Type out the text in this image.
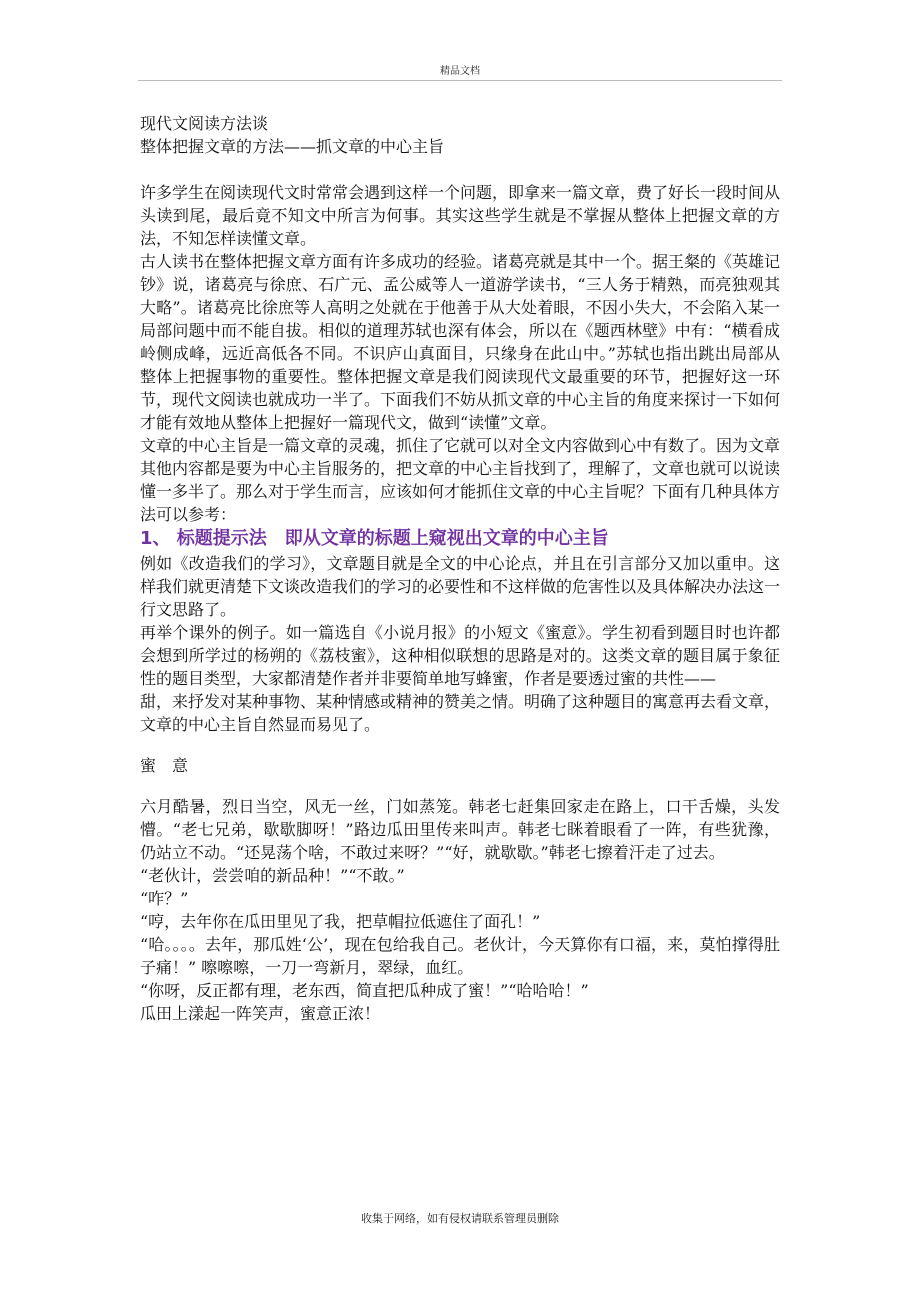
精品文档

现代文阅读方法谈

整体把握文章的方法——抓文章的中心主旨

许多学生在阅读现代文时常常会遇到这样一个问题，即拿来一篇文章，费了好长一段时间从头读到尾，最后竟不知文中所言为何事。其实这些学生就是不掌握从整体上把握文章的方法，不知怎样读懂文章。

古人读书在整体把握文章方面有许多成功的经验。诸葛亮就是其中一个。据王粲的《英雄记钞》说，诸葛亮与徐庶、石广元、孟公威等人一道游学读书，“三人务于精熟，而亮独观其大略”。诸葛亮比徐庶等人高明之处就在于他善于从大处着眼，不因小失大，不会陷入某一局部问题中而不能自拔。相似的道理苏轼也深有体会，所以在《题西林壁》中有：“横看成岭侧成峰，远近高低各不同。不识庐山真面目，只缘身在此山中。”苏轼也指出跳出局部从整体上把握事物的重要性。整体把握文章是我们阅读现代文最重要的环节，把握好这一环节，现代文阅读也就成功一半了。下面我们不妨从抓文章的中心主旨的角度来探讨一下如何才能有效地从整体上把握好一篇现代文，做到“读懂”文章。

文章的中心主旨是一篇文章的灵魂，抓住了它就可以对全文内容做到心中有数了。因为文章其他内容都是要为中心主旨服务的，把文章的中心主旨找到了，理解了，文章也就可以说读懂一多半了。那么对于学生而言，应该如何才能抓住文章的中心主旨呢？下面有几种具体方法可以参考：

1、 标题提示法　即从文章的标题上窥视出文章的中心主旨

例如《改造我们的学习》，文章题目就是全文的中心论点，并且在引言部分又加以重申。这样我们就更清楚下文谈改造我们的学习的必要性和不这样做的危害性以及具体解决办法这一行文思路了。

再举个课外的例子。如一篇选自《小说月报》的小短文《蜜意》。学生初看到题目时也许都会想到所学过的杨朔的《荔枝蜜》，这种相似联想的思路是对的。这类文章的题目属于象征性的题目类型，大家都清楚作者并非要简单地写蜂蜜，作者是要透过蜜的共性——

甜，来抒发对某种事物、某种情感或精神的赞美之情。明确了这种题目的寓意再去看文章，文章的中心主旨自然显而易见了。

蜜　意

六月酷暑，烈日当空，风无一丝，门如蒸笼。韩老七赶集回家走在路上，口干舌燥，头发懵。“老七兄弟，歇歇脚呀！”路边瓜田里传来叫声。韩老七眯着眼看了一阵，有些犹豫，仍站立不动。“还晃荡个啥，不敢过来呀？”“好，就歇歇。”韩老七擦着汗走了过去。

“老伙计，尝尝咱的新品种！”“不敢。”

“咋？”

“哼，去年你在瓜田里见了我，把草帽拉低遮住了面孔！”

“哈。。。。去年，那瓜姓‘公’，现在包给我自己。老伙计，今天算你有口福，来，莫怕撑得肚子痛！” 嚓嚓嚓，一刀一弯新月，翠绿，血红。

“你呀，反正都有理，老东西，简直把瓜种成了蜜！”“哈哈哈！”

瓜田上漾起一阵笑声，蜜意正浓！

收集于网络，如有侵权请联系管理员删除
